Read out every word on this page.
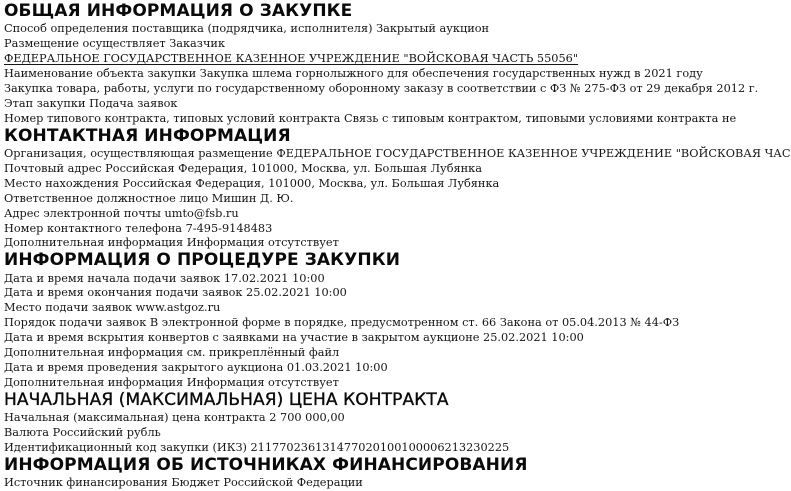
ОБЩАЯ ИНФОРМАЦИЯ О ЗАКУПКЕ
Способ определения поставщика (подрядчика, исполнителя) Закрытый аукцион
Размещение осуществляет Заказчик
ФЕДЕРАЛЬНОЕ ГОСУДАРСТВЕННОЕ КАЗЕННОЕ УЧРЕЖДЕНИЕ "ВОЙСКОВАЯ ЧАСТЬ 55056"
Наименование объекта закупки Закупка шлема горнолыжного для обеспечения государственных нужд в 2021 году
Закупка товара, работы, услуги по государственному оборонному заказу в соответствии с ФЗ № 275-ФЗ от 29 декабря 2012 г.
Этап закупки Подача заявок
Номер типового контракта, типовых условий контракта Связь с типовым контрактом, типовыми условиями контракта не
КОНТАКТНАЯ ИНФОРМАЦИЯ
Организация, осуществляющая размещение ФЕДЕРАЛЬНОЕ ГОСУДАРСТВЕННОЕ КАЗЕННОЕ УЧРЕЖДЕНИЕ "ВОЙСКОВАЯ ЧАС
Почтовый адрес Российская Федерация, 101000, Москва, ул. Большая Лубянка
Место нахождения Российская Федерация, 101000, Москва, ул. Большая Лубянка
Ответственное должностное лицо Мишин Д. Ю.
Адрес электронной почты umto@fsb.ru
Номер контактного телефона 7-495-9148483
Дополнительная информация Информация отсутствует
ИНФОРМАЦИЯ О ПРОЦЕДУРЕ ЗАКУПКИ
Дата и время начала подачи заявок 17.02.2021 10:00
Дата и время окончания подачи заявок 25.02.2021 10:00
Место подачи заявок www.astgoz.ru
Порядок подачи заявок В электронной форме в порядке, предусмотренном ст. 66 Закона от 05.04.2013 № 44-ФЗ
Дата и время вскрытия конвертов с заявками на участие в закрытом аукционе 25.02.2021 10:00
Дополнительная информация см. прикреплённый файл
Дата и время проведения закрытого аукциона 01.03.2021 10:00
Дополнительная информация Информация отсутствует
НАЧАЛЬНАЯ (МАКСИМАЛЬНАЯ) ЦЕНА КОНТРАКТА
Начальная (максимальная) цена контракта 2 700 000,00
Валюта Российский рубль
Идентификационный код закупки (ИКЗ) 211770236131477020100100006213230225
ИНФОРМАЦИЯ ОБ ИСТОЧНИКАХ ФИНАНСИРОВАНИЯ
Источник финансирования Бюджет Российской Федерации
